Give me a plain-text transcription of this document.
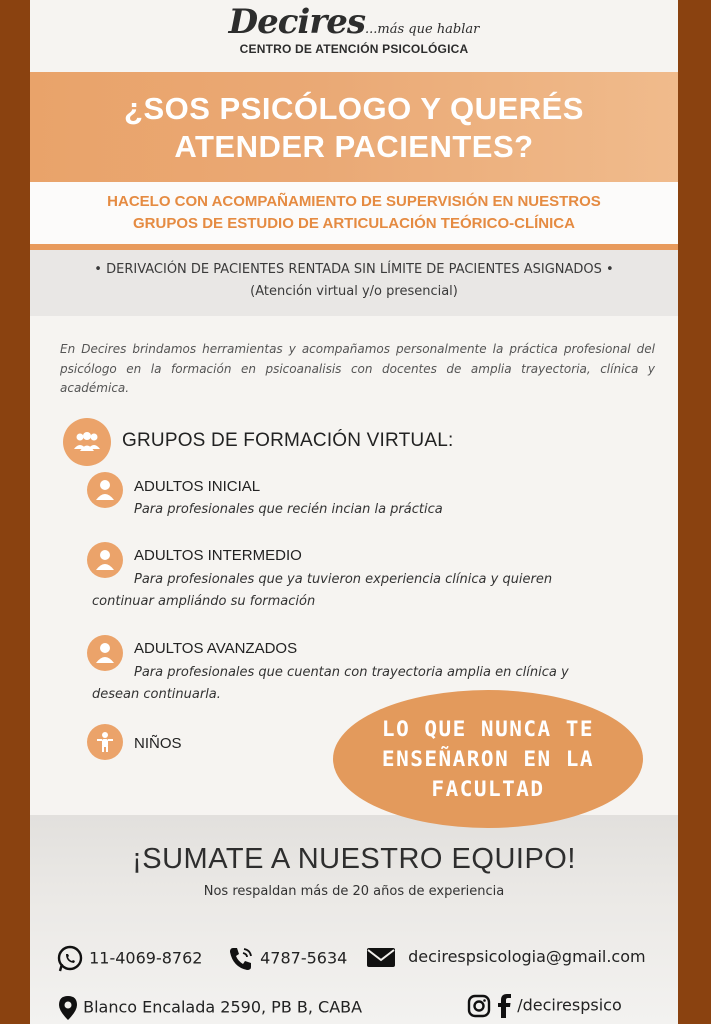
Decires...más que hablar
CENTRO DE ATENCIÓN PSICOLÓGICA
¿SOS PSICÓLOGO Y QUERÉS
ATENDER PACIENTES?
HACELO CON ACOMPAÑAMIENTO DE SUPERVISIÓN EN NUESTROS
GRUPOS DE ESTUDIO DE ARTICULACIÓN TEÓRICO-CLÍNICA
• DERIVACIÓN DE PACIENTES RENTADA SIN LÍMITE DE PACIENTES ASIGNADOS •
(Atención virtual y/o presencial)

En Decires brindamos herramientas y acompañamos personalmente la práctica profesional del psicólogo en la formación en psicoanalisis con docentes de amplia trayectoria, clínica y académica.

GRUPOS DE FORMACIÓN VIRTUAL:
ADULTOS INICIAL
Para profesionales que recién incian la práctica
ADULTOS INTERMEDIO
Para profesionales que ya tuvieron experiencia clínica y quieren
continuar ampliándo su formación
ADULTOS AVANZADOS
Para profesionales que cuentan con trayectoria amplia en clínica y
desean continuarla.
NIÑOS
LO QUE NUNCA TE
ENSEÑARON EN LA
FACULTAD
¡SUMATE A NUESTRO EQUIPO!
Nos respaldan más de 20 años de experiencia
11-4069-8762	4787-5634	decirespsicologia@gmail.com
Blanco Encalada 2590, PB B, CABA	/decirespsico
